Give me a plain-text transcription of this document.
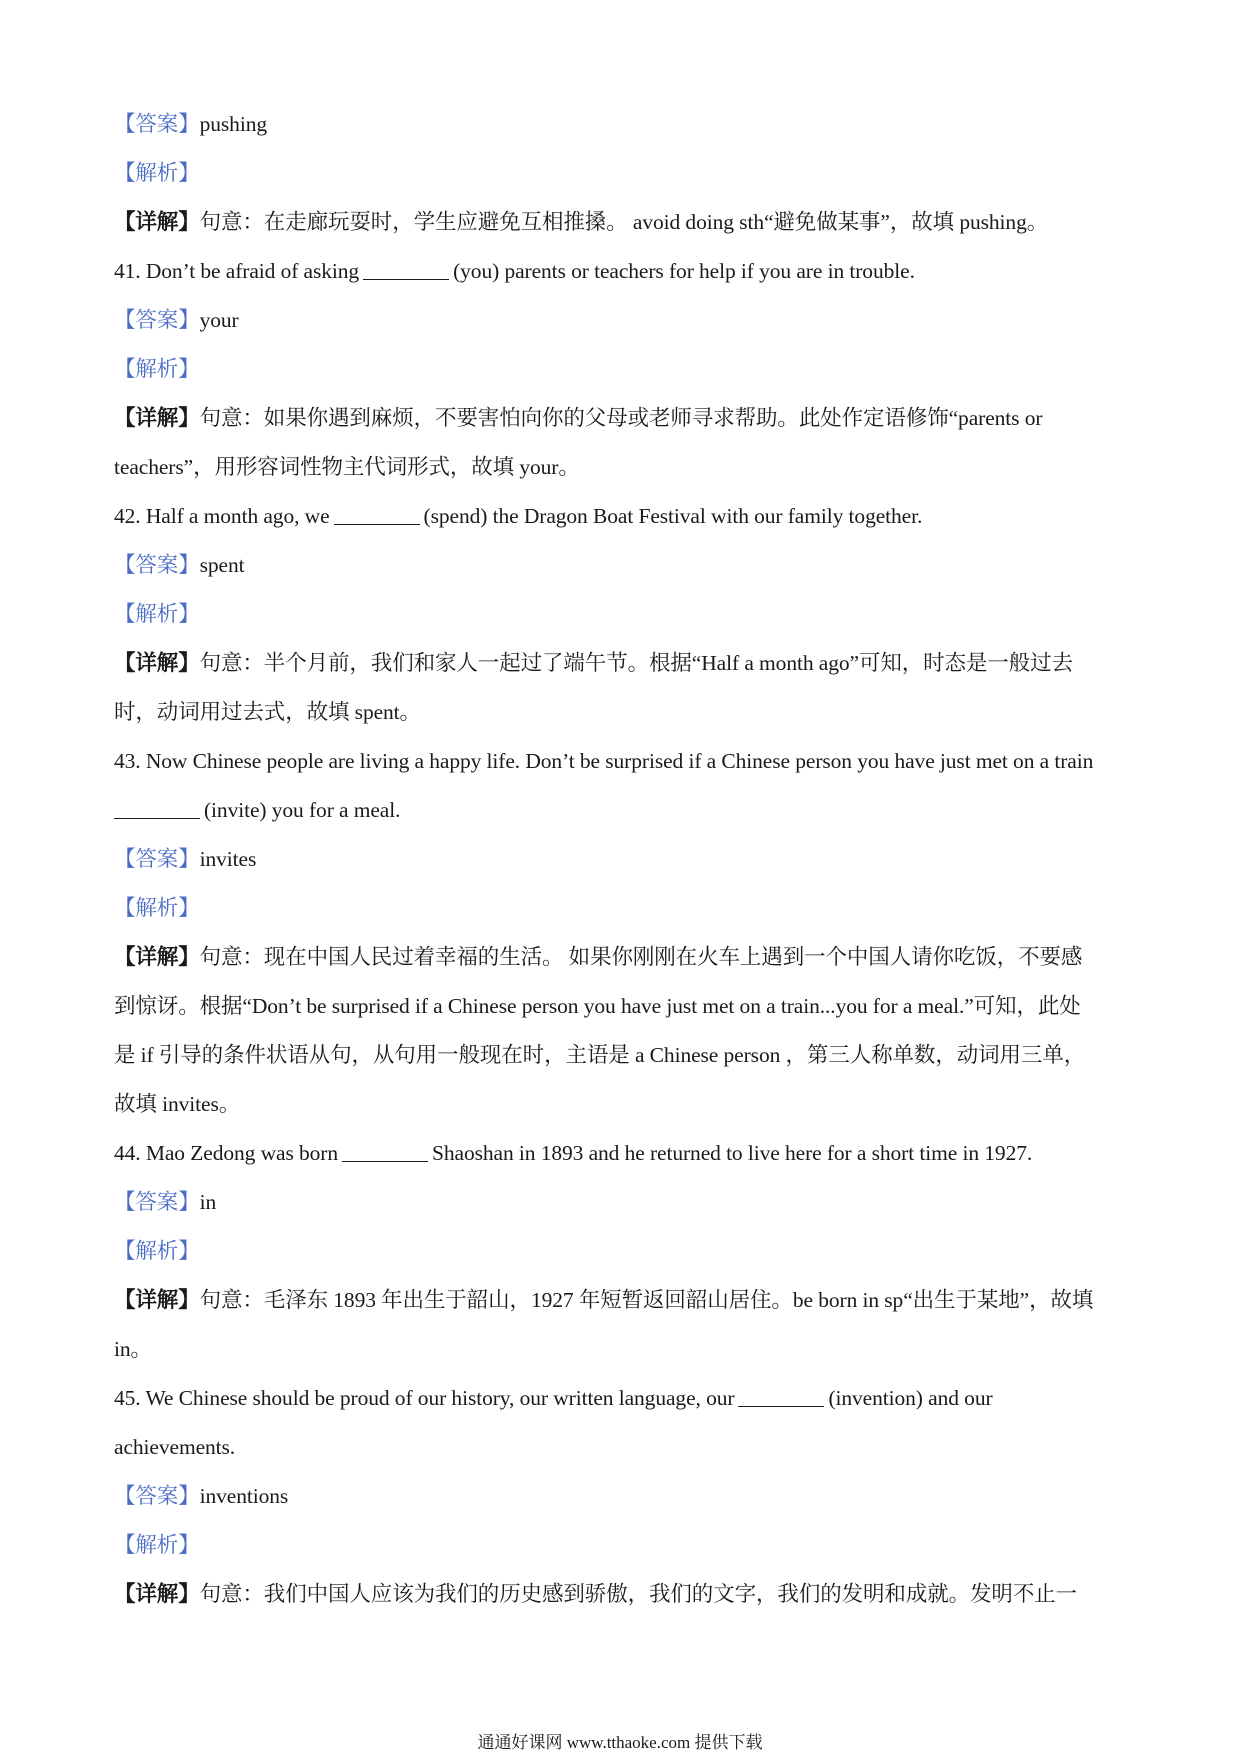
【答案】pushing
【解析】
【详解】句意：在走廊玩耍时，学生应避免互相推搡。 avoid doing sth“避免做某事”，故填 pushing。
41. Don’t be afraid of asking	(you) parents or teachers for help if you are in trouble.
【答案】your
【解析】
【详解】句意：如果你遇到麻烦，不要害怕向你的父母或老师寻求帮助。此处作定语修饰“parents or
teachers”，用形容词性物主代词形式，故填 your。
42. Half a month ago, we	(spend) the Dragon Boat Festival with our family together.
【答案】spent
【解析】
【详解】句意：半个月前，我们和家人一起过了端午节。根据“Half a month ago”可知，时态是一般过去
时，动词用过去式，故填 spent。
43. Now Chinese people are living a happy life. Don’t be surprised if a Chinese person you have just met on a train
(invite) you for a meal.
【答案】invites
【解析】
【详解】句意：现在中国人民过着幸福的生活。 如果你刚刚在火车上遇到一个中国人请你吃饭，不要感
到惊讶。根据“Don’t be surprised if a Chinese person you have just met on a train...you for a meal.”可知，此处
是 if 引导的条件状语从句，从句用一般现在时，主语是 a Chinese person ，第三人称单数，动词用三单，
故填 invites。
44. Mao Zedong was born	Shaoshan in 1893 and he returned to live here for a short time in 1927.
【答案】in
【解析】
【详解】句意：毛泽东 1893 年出生于韶山，1927 年短暂返回韶山居住。be born in sp“出生于某地”，故填
in。
45. We Chinese should be proud of our history, our written language, our	(invention) and our
achievements.
【答案】inventions
【解析】
【详解】句意：我们中国人应该为我们的历史感到骄傲，我们的文字，我们的发明和成就。发明不止一
通通好课网 www.tthaoke.com 提供下载
